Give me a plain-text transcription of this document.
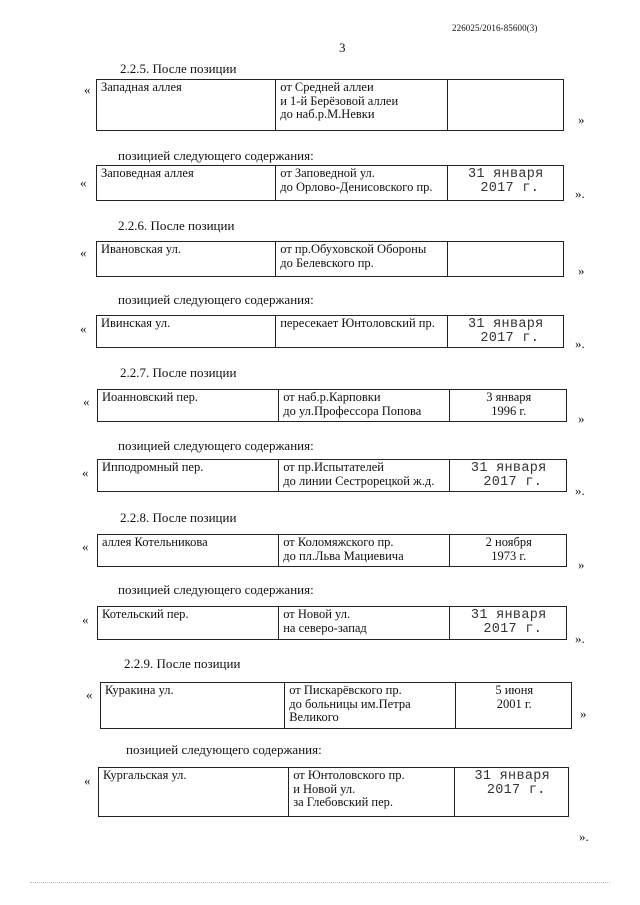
226025/2016-85600(3)
3
2.2.5. После позиции
« Западная аллея	от Средней аллеи
и 1-й Берёзовой аллеи
до наб.р.М.Невки	»
позицией следующего содержания:
«
Заповедная аллея	от Заповедной ул.
до Орлово-Денисовского пр.
31 января
2017 г.	».
2.2.6. После позиции
« Ивановская ул.	от пр.Обуховской Обороны
до Белевского пр.
»
позицией следующего содержания:
« Ивинская ул.	пересекает Юнтоловский пр.	31 января
2017 г.	».
2.2.7. После позиции
« Иоанновский пер.	от наб.р.Карповки
до ул.Профессора Попова
3 января
1996 г.
»
позицией следующего содержания:
« Ипподромный пер.	от пр.Испытателей
до линии Сестрорецкой ж.д.
31 января
2017 г.
».
2.2.8. После позиции
« аллея Котельникова	от Коломяжского пр.
до пл.Льва Мациевича
2 ноября
1973 г.
»
позицией следующего содержания:
« Котельский пер.	от Новой ул.
на северо-запад
31 января
2017 г.
».
2.2.9. После позиции
« Куракина ул.	от Пискарёвского пр.
до больницы им.Петра
Великого
5 июня
2001 г.
»
позицией следующего содержания:
« Кургальская ул.	от Юнтоловского пр.
и Новой ул.
за Глебовский пер.
31 января
2017 г.
».
